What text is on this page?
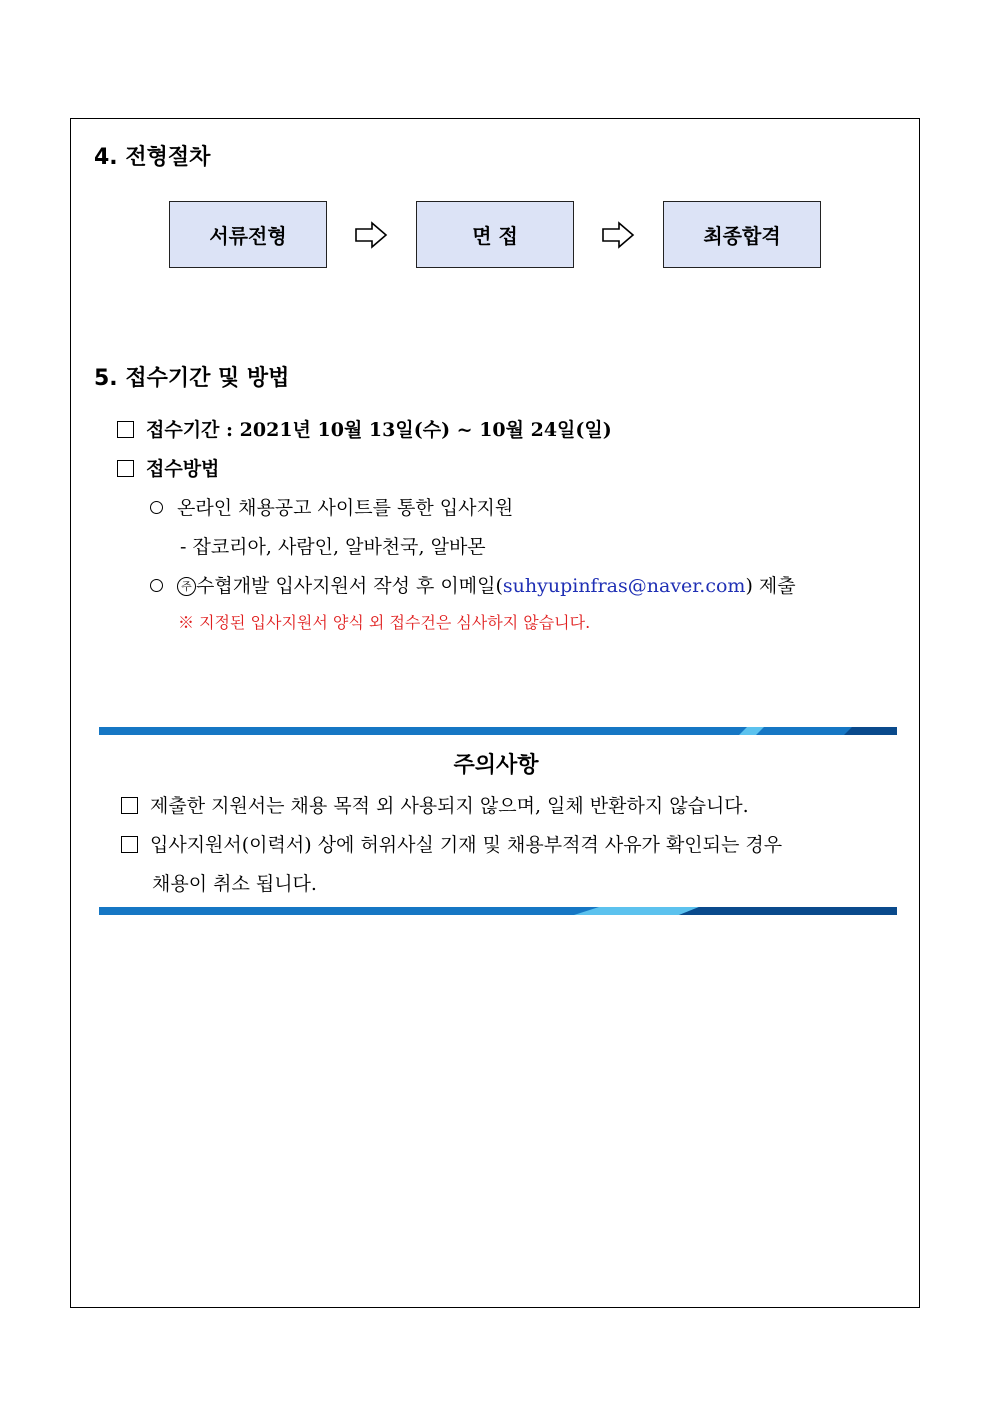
4. 전형절차
서류전형	면 접	최종합격
5. 접수기간 및 방법
접수기간 : 2021년 10월 13일(수) ~ 10월 24일(일)
접수방법
온라인 채용공고 사이트를 통한 입사지원
- 잡코리아, 사람인, 알바천국, 알바몬
주 수협개발 입사지원서 작성 후 이메일(suhyupinfras@naver.com) 제출
※ 지정된 입사지원서 양식 외 접수건은 심사하지 않습니다.
주의사항
제출한 지원서는 채용 목적 외 사용되지 않으며, 일체 반환하지 않습니다.
입사지원서(이력서) 상에 허위사실 기재 및 채용부적격 사유가 확인되는 경우
채용이 취소 됩니다.
